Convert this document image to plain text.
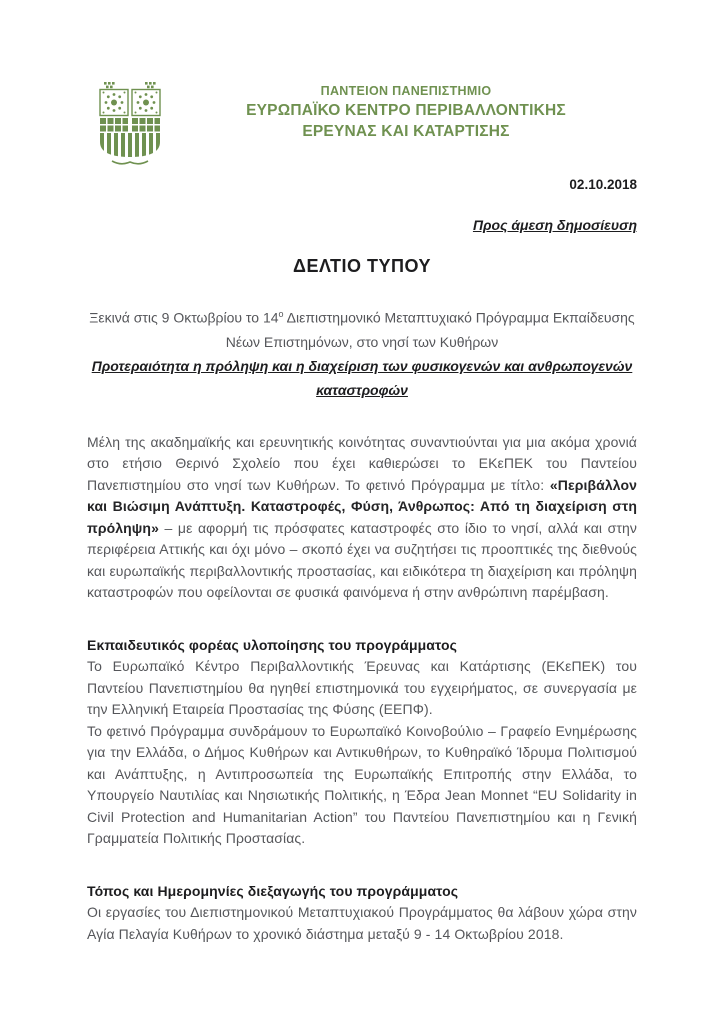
ΠΑΝΤΕΙΟΝ ΠΑΝΕΠΙΣΤΗΜΙΟ
ΕΥΡΩΠΑΪΚΟ ΚΕΝΤΡΟ ΠΕΡΙΒΑΛΛΟΝΤΙΚΗΣ
ΕΡΕΥΝΑΣ ΚΑΙ ΚΑΤΑΡΤΙΣΗΣ
02.10.2018
Προς άμεση δημοσίευση
ΔΕΛΤΙΟ ΤΥΠΟΥ
Ξεκινά στις 9 Οκτωβρίου το $14^o$ Διεπιστημονικό Μεταπτυχιακό Πρόγραμμα Εκπαίδευσης Νέων Επιστημόνων, στο νησί των Κυθήρων
Προτεραιότητα η πρόληψη και η διαχείριση των φυσικογενών και ανθρωπογενών καταστροφών

Μέλη της ακαδημαϊκής και ερευνητικής κοινότητας συναντιούνται για μια ακόμα χρονιά στο ετήσιο Θερινό Σχολείο που έχει καθιερώσει το ΕΚεΠΕΚ του Παντείου Πανεπιστημίου στο νησί των Κυθήρων. Το φετινό Πρόγραμμα με τίτλο: «Περιβάλλον και Βιώσιμη Ανάπτυξη. Καταστροφές, Φύση, Άνθρωπος: Από τη διαχείριση στη πρόληψη» – με αφορμή τις πρόσφατες καταστροφές στο ίδιο το νησί, αλλά και στην περιφέρεια Αττικής και όχι μόνο – σκοπό έχει να συζητήσει τις προοπτικές της διεθνούς και ευρωπαϊκής περιβαλλοντικής προστασίας, και ειδικότερα τη διαχείριση και πρόληψη καταστροφών που οφείλονται σε φυσικά φαινόμενα ή στην ανθρώπινη παρέμβαση.

Εκπαιδευτικός φορέας υλοποίησης του προγράμματος

Το Ευρωπαϊκό Κέντρο Περιβαλλοντικής Έρευνας και Κατάρτισης (ΕΚεΠΕΚ) του Παντείου Πανεπιστημίου θα ηγηθεί επιστημονικά του εγχειρήματος, σε συνεργασία με την Ελληνική Εταιρεία Προστασίας της Φύσης (ΕΕΠΦ).

Το φετινό Πρόγραμμα συνδράμουν το Ευρωπαϊκό Κοινοβούλιο – Γραφείο Ενημέρωσης για την Ελλάδα, ο Δήμος Κυθήρων και Αντικυθήρων, το Κυθηραϊκό Ίδρυμα Πολιτισμού και Ανάπτυξης, η Αντιπροσωπεία της Ευρωπαϊκής Επιτροπής στην Ελλάδα, το Υπουργείο Ναυτιλίας και Νησιωτικής Πολιτικής, η Έδρα Jean Monnet “EU Solidarity in Civil Protection and Humanitarian Action” του Παντείου Πανεπιστημίου και η Γενική Γραμματεία Πολιτικής Προστασίας.

Τόπος και Ημερομηνίες διεξαγωγής του προγράμματος

Οι εργασίες του Διεπιστημονικού Μεταπτυχιακού Προγράμματος θα λάβουν χώρα στην Αγία Πελαγία Κυθήρων το χρονικό διάστημα μεταξύ 9 - 14 Οκτωβρίου 2018.
